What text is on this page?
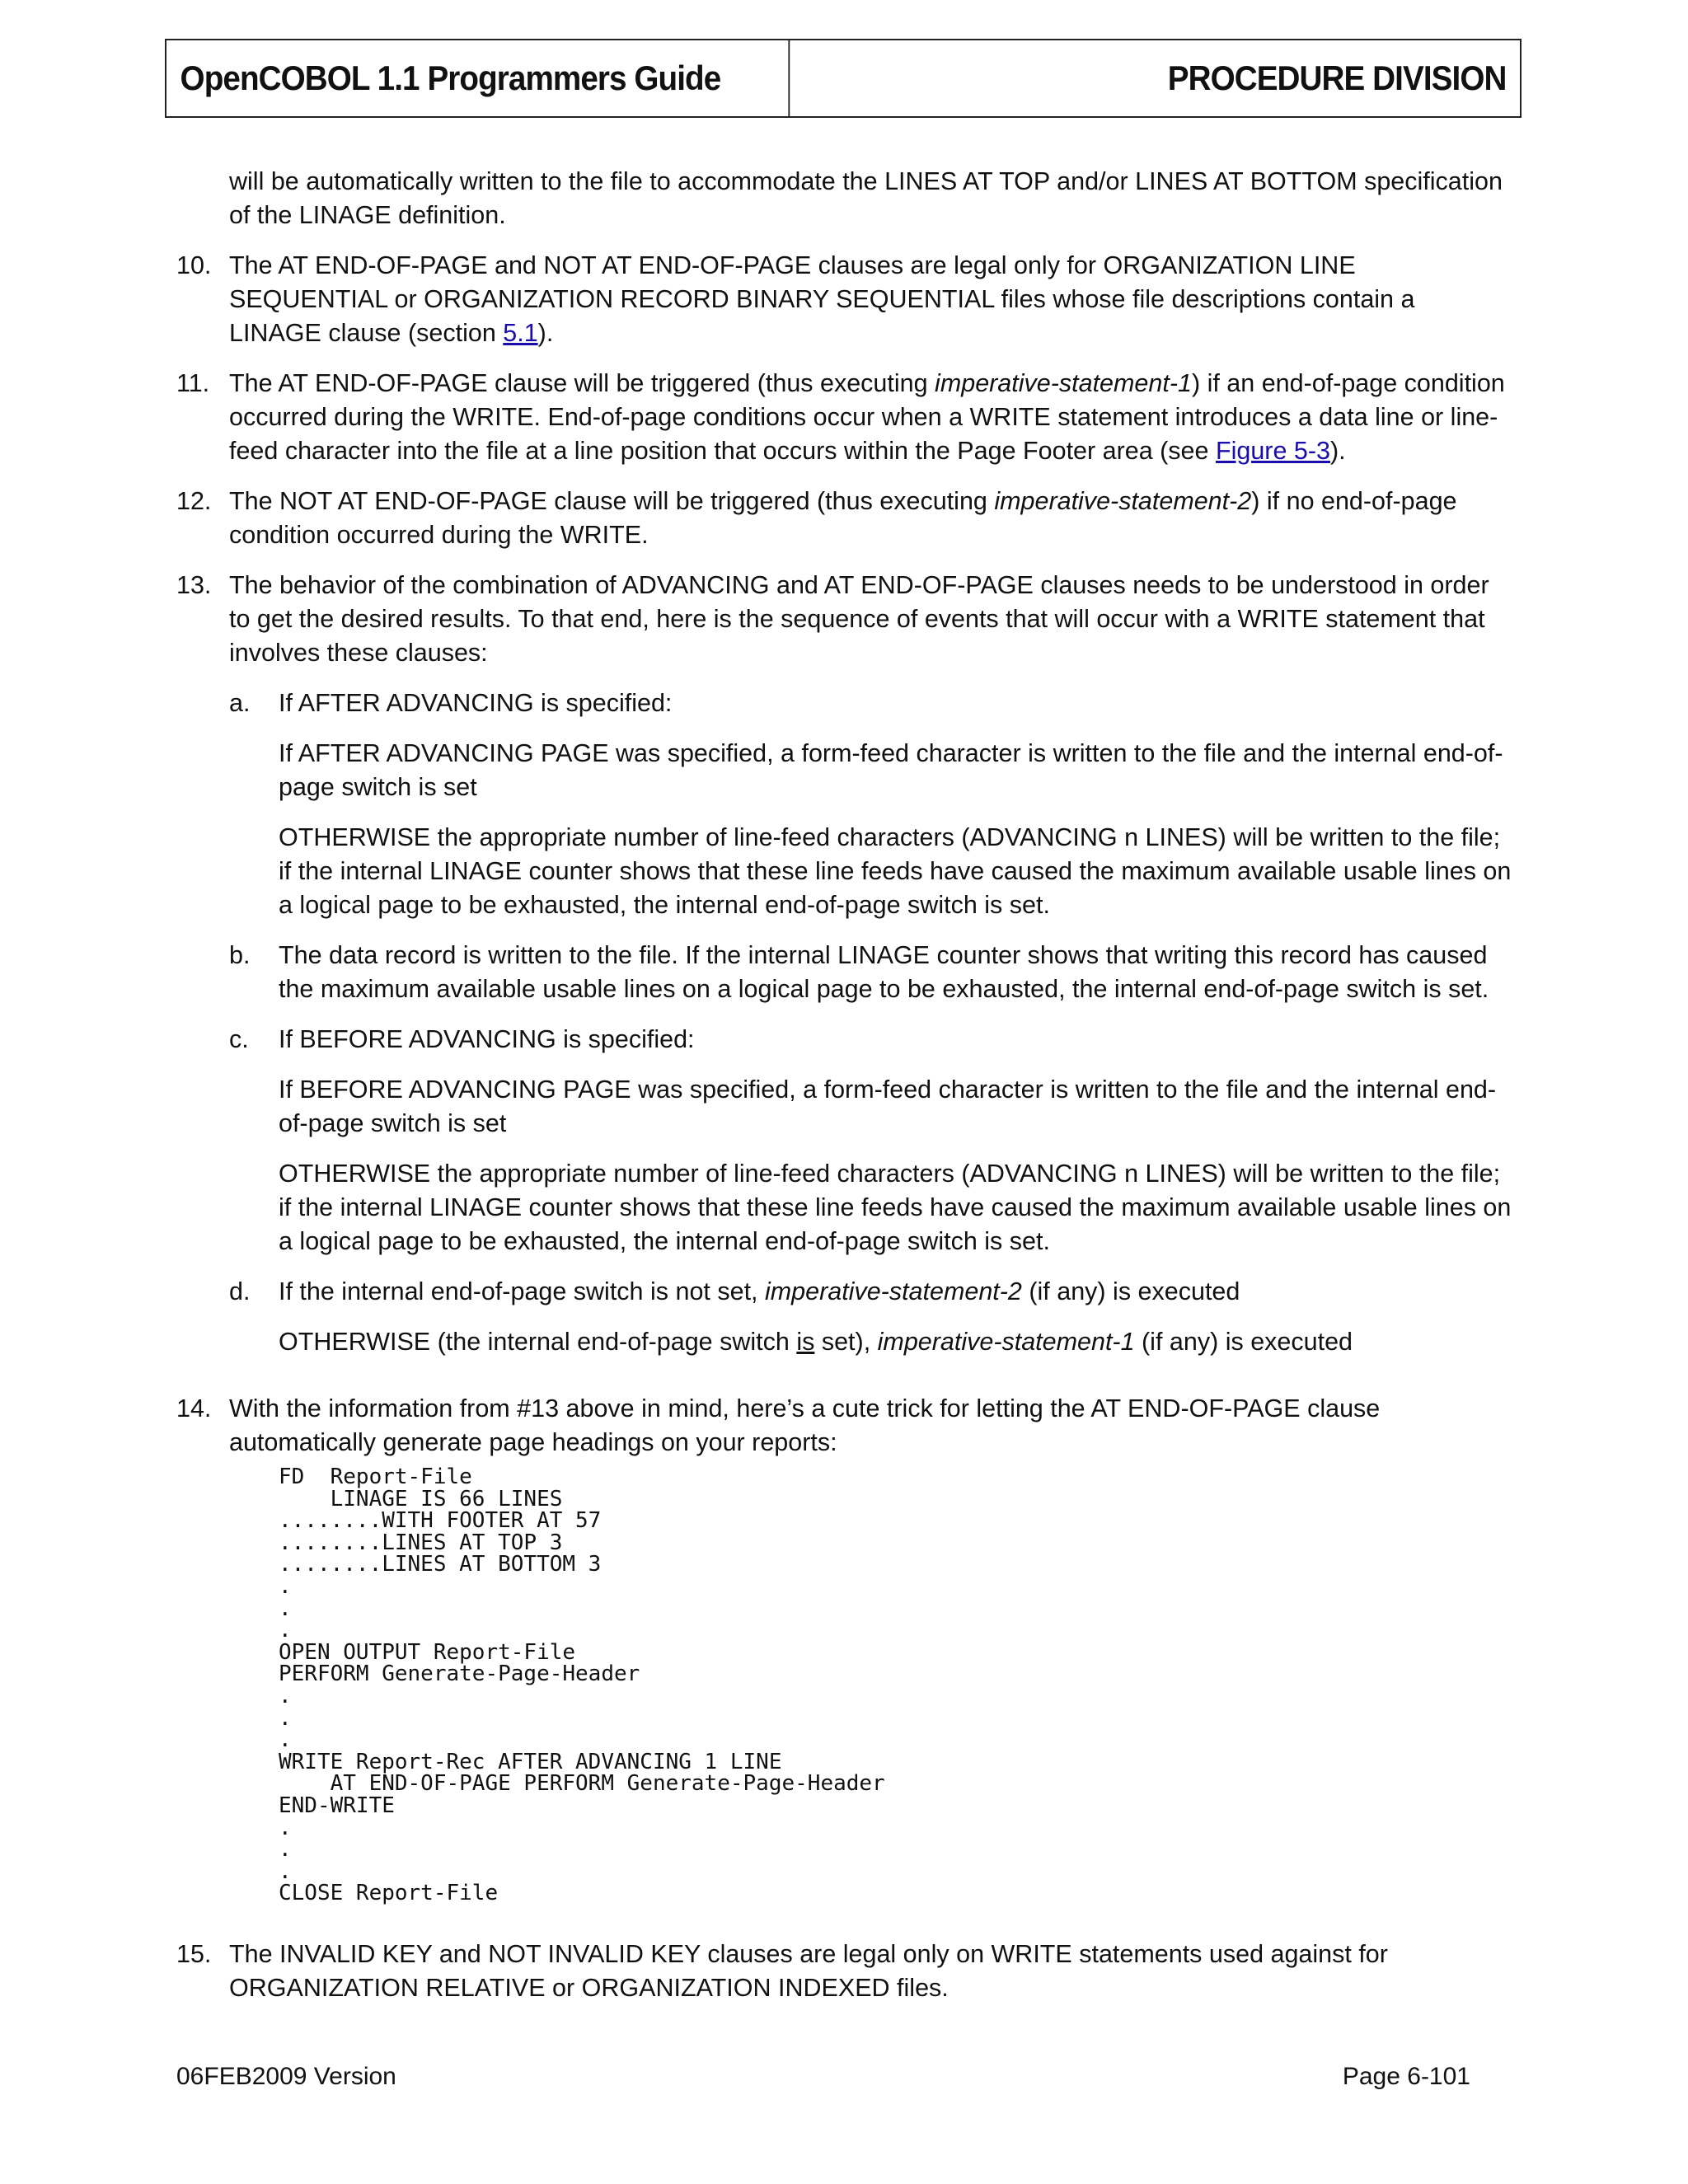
OpenCOBOL 1.1 Programmers Guide	PROCEDURE DIVISION
will be automatically written to the file to accommodate the LINES AT TOP and/or LINES AT BOTTOM specification of the LINAGE definition.
10. The AT END-OF-PAGE and NOT AT END-OF-PAGE clauses are legal only for ORGANIZATION LINE SEQUENTIAL or ORGANIZATION RECORD BINARY SEQUENTIAL files whose file descriptions contain a LINAGE clause (section 5.1).
11. The AT END-OF-PAGE clause will be triggered (thus executing imperative-statement-1) if an end-of-page condition occurred during the WRITE. End-of-page conditions occur when a WRITE statement introduces a data line or line-feed character into the file at a line position that occurs within the Page Footer area (see Figure 5-3).
12. The NOT AT END-OF-PAGE clause will be triggered (thus executing imperative-statement-2) if no end-of-page condition occurred during the WRITE.
13. The behavior of the combination of ADVANCING and AT END-OF-PAGE clauses needs to be understood in order to get the desired results. To that end, here is the sequence of events that will occur with a WRITE statement that involves these clauses:
a.	If AFTER ADVANCING is specified:
If AFTER ADVANCING PAGE was specified, a form-feed character is written to the file and the internal end-of-page switch is set
OTHERWISE the appropriate number of line-feed characters (ADVANCING n LINES) will be written to the file; if the internal LINAGE counter shows that these line feeds have caused the maximum available usable lines on a logical page to be exhausted, the internal end-of-page switch is set.
b.	The data record is written to the file. If the internal LINAGE counter shows that writing this record has caused the maximum available usable lines on a logical page to be exhausted, the internal end-of-page switch is set.
c.	If BEFORE ADVANCING is specified:
If BEFORE ADVANCING PAGE was specified, a form-feed character is written to the file and the internal end-of-page switch is set
OTHERWISE the appropriate number of line-feed characters (ADVANCING n LINES) will be written to the file; if the internal LINAGE counter shows that these line feeds have caused the maximum available usable lines on a logical page to be exhausted, the internal end-of-page switch is set.
d.	If the internal end-of-page switch is not set, imperative-statement-2 (if any) is executed
OTHERWISE (the internal end-of-page switch is set), imperative-statement-1 (if any) is executed
14. With the information from #13 above in mind, here’s a cute trick for letting the AT END-OF-PAGE clause automatically generate page headings on your reports:
FD  Report-File
LINAGE IS 66 LINES
........WITH FOOTER AT 57
........LINES AT TOP 3
........LINES AT BOTTOM 3
.
.
.
OPEN OUTPUT Report-File
PERFORM Generate-Page-Header
.
.
.
WRITE Report-Rec AFTER ADVANCING 1 LINE
AT END-OF-PAGE PERFORM Generate-Page-Header
END-WRITE
.
.
.
CLOSE Report-File
15. The INVALID KEY and NOT INVALID KEY clauses are legal only on WRITE statements used against for ORGANIZATION RELATIVE or ORGANIZATION INDEXED files.
06FEB2009 Version	Page 6-101
